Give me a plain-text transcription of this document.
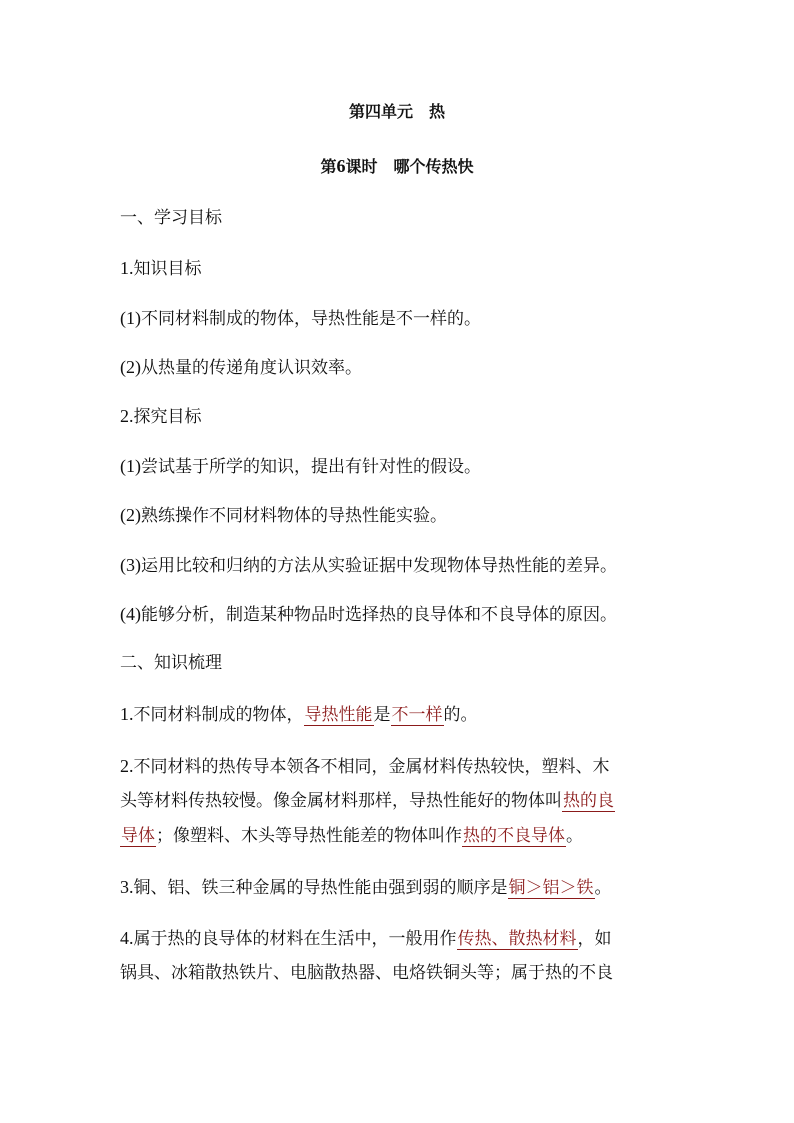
第四单元　热
第6课时　哪个传热快
一、学习目标
1.知识目标
(1)不同材料制成的物体，导热性能是不一样的。
(2)从热量的传递角度认识效率。
2.探究目标
(1)尝试基于所学的知识，提出有针对性的假设。
(2)熟练操作不同材料物体的导热性能实验。
(3)运用比较和归纳的方法从实验证据中发现物体导热性能的差异。
(4)能够分析，制造某种物品时选择热的良导体和不良导体的原因。
二、知识梳理
1.不同材料制成的物体，导热性能是不一样的。
2.不同材料的热传导本领各不相同，金属材料传热较快，塑料、木
头等材料传热较慢。像金属材料那样，导热性能好的物体叫热的良
导体；像塑料、木头等导热性能差的物体叫作热的不良导体。
3.铜、铝、铁三种金属的导热性能由强到弱的顺序是铜＞铝＞铁。
4.属于热的良导体的材料在生活中，一般用作传热、散热材料，如
锅具、冰箱散热铁片、电脑散热器、电烙铁铜头等；属于热的不良
